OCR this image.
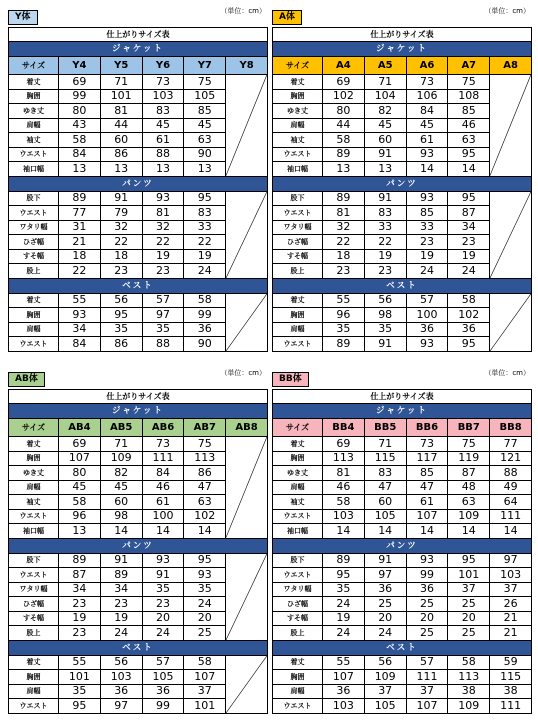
Y体
（単位：cm）
仕上がりサイズ表					
ジャケット					
サイズ	Y4	Y5	Y6	Y7	Y8
着丈	69	71	73	75	

胸囲	99	101	103	105	
ゆき丈	80	81	83	85	
肩幅	43	44	45	45	
袖丈	58	60	61	63	
ウエスト	84	86	88	90	
袖口幅	13	13	13	13	
パンツ					
股下	89	91	93	95	

ウエスト	77	79	81	83	
ワタリ幅	31	32	32	33	
ひざ幅	21	22	22	22	
すそ幅	18	18	19	19	
股上	22	23	23	24	
ベスト					
着丈	55	56	57	58	

胸囲	93	95	97	99	
肩幅	34	35	35	36	
ウエスト	84	86	88	90	
A体
（単位：cm）
仕上がりサイズ表					
ジャケット					
サイズ	A4	A5	A6	A7	A8
着丈	69	71	73	75	

胸囲	102	104	106	108	
ゆき丈	80	82	84	85	
肩幅	44	45	45	46	
袖丈	58	60	61	63	
ウエスト	89	91	93	95	
袖口幅	13	13	14	14	
パンツ					
股下	89	91	93	95	

ウエスト	81	83	85	87	
ワタリ幅	32	33	33	34	
ひざ幅	22	22	23	23	
すそ幅	18	19	19	19	
股上	23	23	24	24	
ベスト					
着丈	55	56	57	58	

胸囲	96	98	100	102	
肩幅	35	35	36	36	
ウエスト	89	91	93	95	
AB体
（単位：cm）
仕上がりサイズ表					
ジャケット					
サイズ	AB4	AB5	AB6	AB7	AB8
着丈	69	71	73	75	

胸囲	107	109	111	113	
ゆき丈	80	82	84	86	
肩幅	45	45	46	47	
袖丈	58	60	61	63	
ウエスト	96	98	100	102	
袖口幅	13	14	14	14	
パンツ					
股下	89	91	93	95	

ウエスト	87	89	91	93	
ワタリ幅	34	34	35	35	
ひざ幅	23	23	23	24	
すそ幅	19	19	20	20	
股上	23	24	24	25	
ベスト					
着丈	55	56	57	58	

胸囲	101	103	105	107	
肩幅	35	36	36	37	
ウエスト	95	97	99	101	
BB体
（単位：cm）
仕上がりサイズ表					
ジャケット					
サイズ	BB4	BB5	BB6	BB7	BB8
着丈	69	71	73	75	77
胸囲	113	115	117	119	121
ゆき丈	81	83	85	87	88
肩幅	46	47	47	48	49
袖丈	58	60	61	63	64
ウエスト	103	105	107	109	111
袖口幅	14	14	14	14	14
パンツ					
股下	89	91	93	95	97
ウエスト	95	97	99	101	103
ワタリ幅	35	36	36	37	37
ひざ幅	24	25	25	25	26
すそ幅	19	20	20	20	21
股上	24	24	25	25	21
ベスト					
着丈	55	56	57	58	59
胸囲	107	109	111	113	115
肩幅	36	37	37	38	38
ウエスト	103	105	107	109	111
